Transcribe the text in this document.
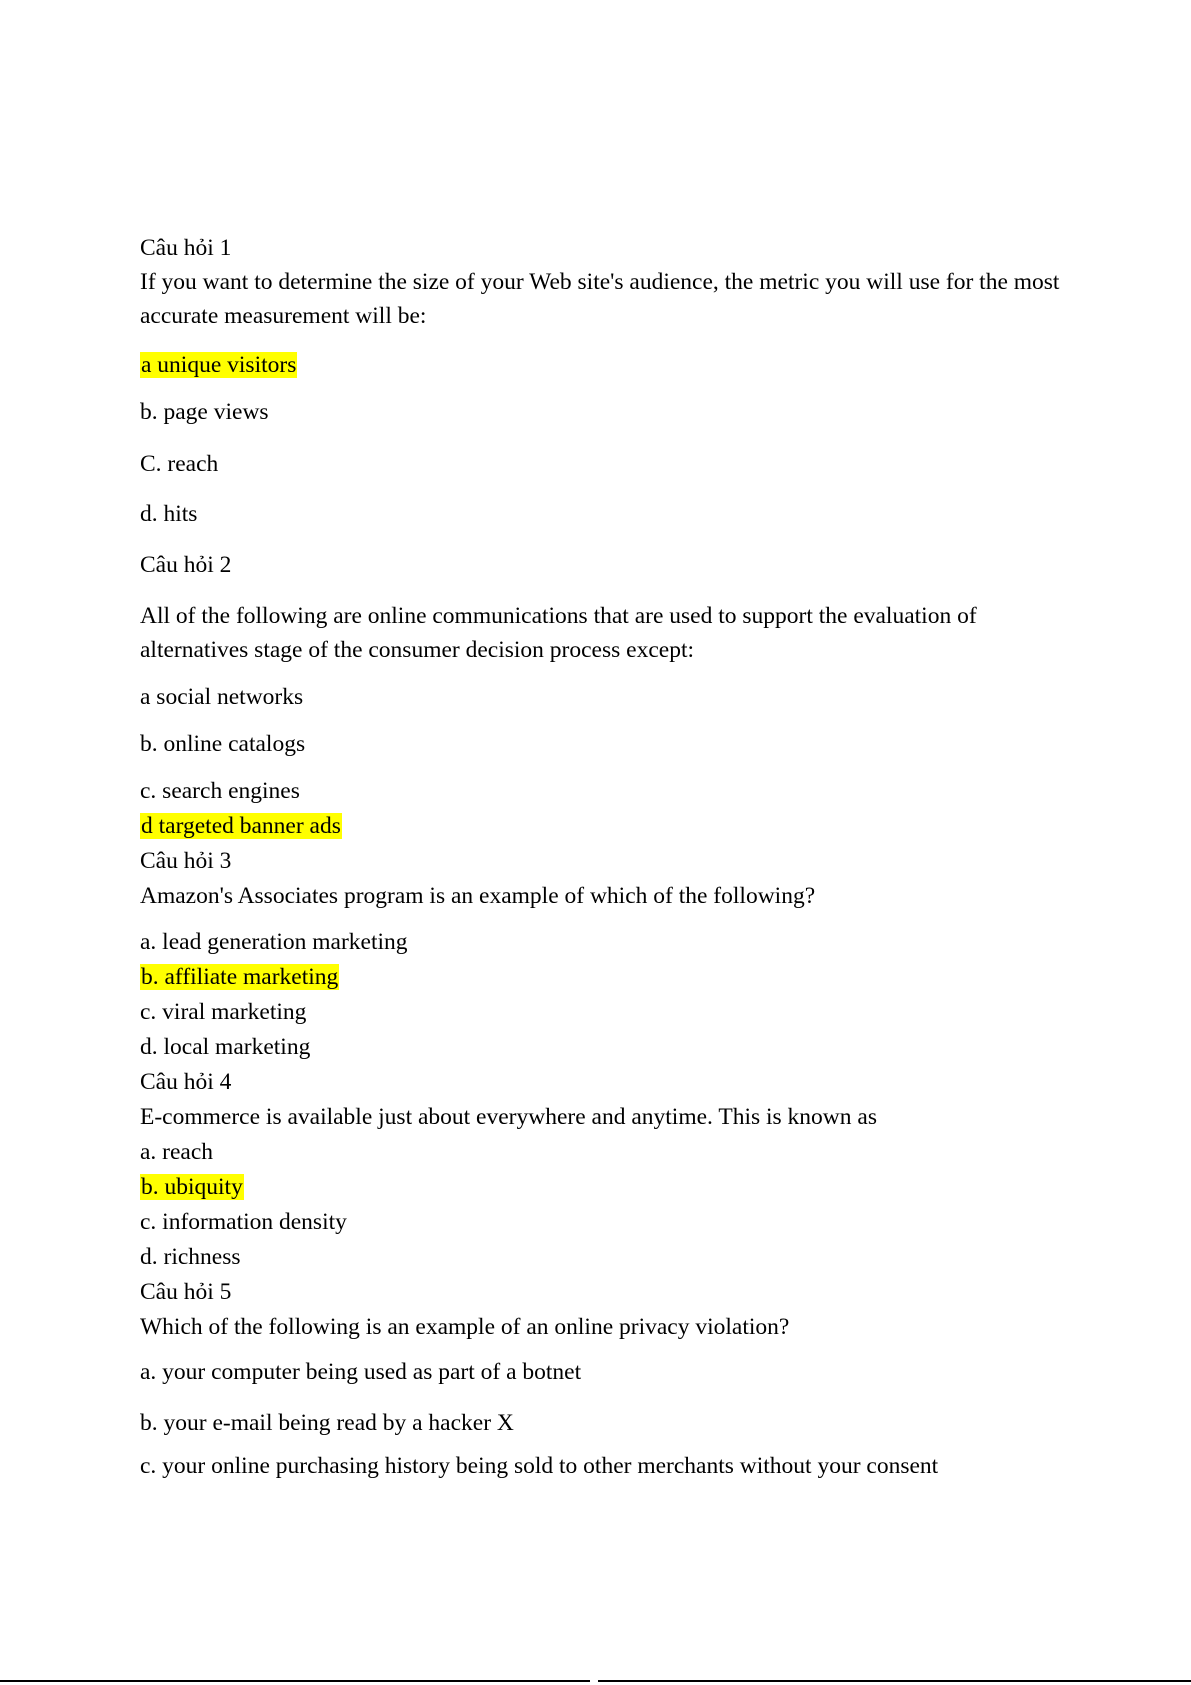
Câu hỏi 1
If you want to determine the size of your Web site's audience, the metric you will use for the most accurate measurement will be:
a unique visitors
b. page views
C. reach
d. hits
Câu hỏi 2
All of the following are online communications that are used to support the evaluation of alternatives stage of the consumer decision process except:
a social networks
b. online catalogs
c. search engines
d targeted banner ads
Câu hỏi 3
Amazon's Associates program is an example of which of the following?
a. lead generation marketing
b. affiliate marketing
c. viral marketing
d. local marketing
Câu hỏi 4
E-commerce is available just about everywhere and anytime. This is known as
a. reach
b. ubiquity
c. information density
d. richness
Câu hỏi 5
Which of the following is an example of an online privacy violation?
a. your computer being used as part of a botnet
b. your e-mail being read by a hacker X
c. your online purchasing history being sold to other merchants without your consent
